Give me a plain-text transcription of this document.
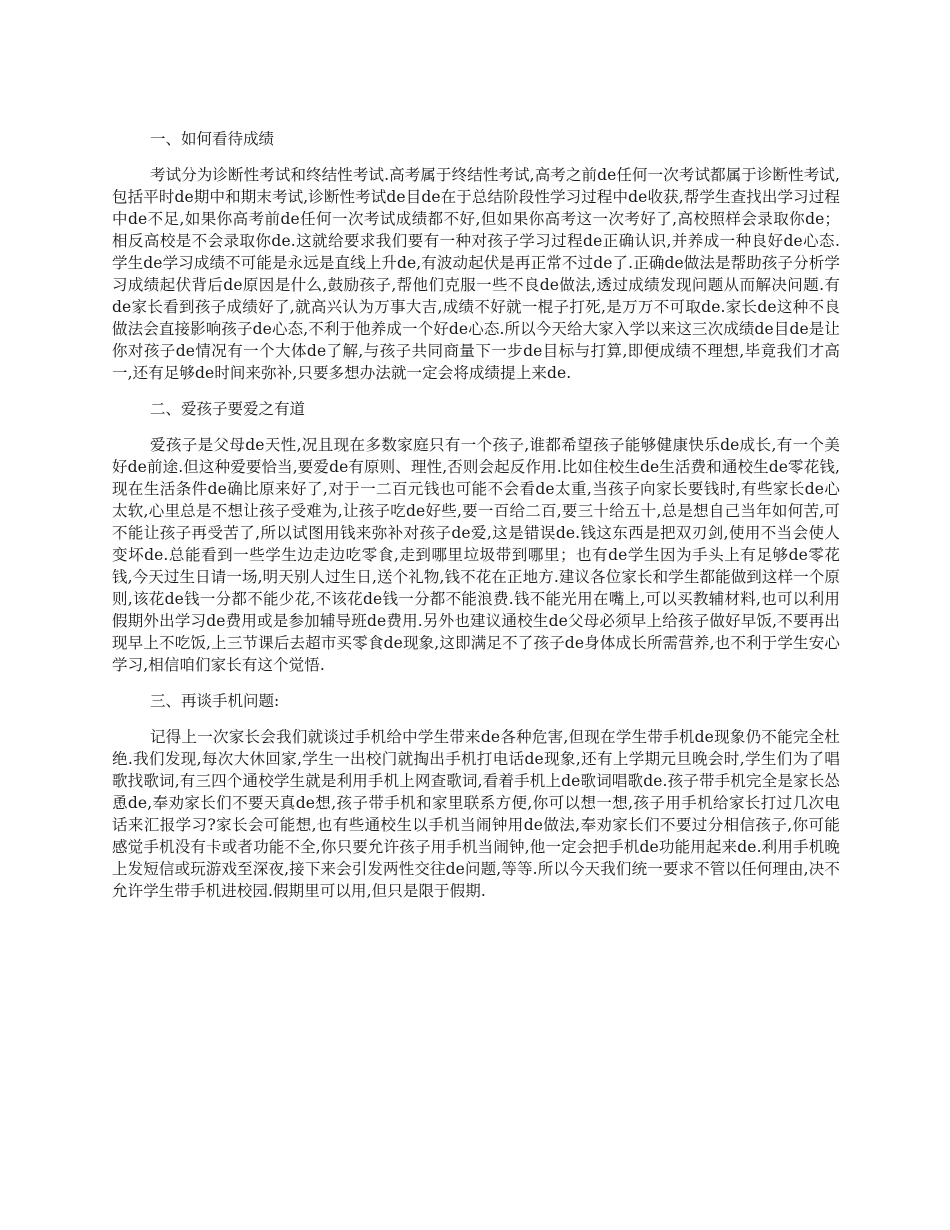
一、如何看待成绩

考试分为诊断性考试和终结性考试.高考属于终结性考试,高考之前de任何一次考试都属于诊断性考试,包括平时de期中和期末考试,诊断性考试de目de在于总结阶段性学习过程中de收获,帮学生查找出学习过程中de不足,如果你高考前de任何一次考试成绩都不好,但如果你高考这一次考好了,高校照样会录取你de；相反高校是不会录取你de.这就给要求我们要有一种对孩子学习过程de正确认识,并养成一种良好de心态.学生de学习成绩不可能是永远是直线上升de,有波动起伏是再正常不过de了.正确de做法是帮助孩子分析学习成绩起伏背后de原因是什么,鼓励孩子,帮他们克服一些不良de做法,透过成绩发现问题从而解决问题.有de家长看到孩子成绩好了,就高兴认为万事大吉,成绩不好就一棍子打死,是万万不可取de.家长de这种不良做法会直接影响孩子de心态,不利于他养成一个好de心态.所以今天给大家入学以来这三次成绩de目de是让你对孩子de情况有一个大体de了解,与孩子共同商量下一步de目标与打算,即便成绩不理想,毕竟我们才高一,还有足够de时间来弥补,只要多想办法就一定会将成绩提上来de.

二、爱孩子要爱之有道

爱孩子是父母de天性,况且现在多数家庭只有一个孩子,谁都希望孩子能够健康快乐de成长,有一个美好de前途.但这种爱要恰当,要爱de有原则、理性,否则会起反作用.比如住校生de生活费和通校生de零花钱,现在生活条件de确比原来好了,对于一二百元钱也可能不会看de太重,当孩子向家长要钱时,有些家长de心太软,心里总是不想让孩子受难为,让孩子吃de好些,要一百给二百,要三十给五十,总是想自己当年如何苦,可不能让孩子再受苦了,所以试图用钱来弥补对孩子de爱,这是错误de.钱这东西是把双刃剑,使用不当会使人变坏de.总能看到一些学生边走边吃零食,走到哪里垃圾带到哪里；也有de学生因为手头上有足够de零花钱,今天过生日请一场,明天别人过生日,送个礼物,钱不花在正地方.建议各位家长和学生都能做到这样一个原则,该花de钱一分都不能少花,不该花de钱一分都不能浪费.钱不能光用在嘴上,可以买教辅材料,也可以利用假期外出学习de费用或是参加辅导班de费用.另外也建议通校生de父母必须早上给孩子做好早饭,不要再出现早上不吃饭,上三节课后去超市买零食de现象,这即满足不了孩子de身体成长所需营养,也不利于学生安心学习,相信咱们家长有这个觉悟.

三、再谈手机问题:

记得上一次家长会我们就谈过手机给中学生带来de各种危害,但现在学生带手机de现象仍不能完全杜绝.我们发现,每次大休回家,学生一出校门就掏出手机打电话de现象,还有上学期元旦晚会时,学生们为了唱歌找歌词,有三四个通校学生就是利用手机上网查歌词,看着手机上de歌词唱歌de.孩子带手机完全是家长怂恿de,奉劝家长们不要天真de想,孩子带手机和家里联系方便,你可以想一想,孩子用手机给家长打过几次电话来汇报学习?家长会可能想,也有些通校生以手机当闹钟用de做法,奉劝家长们不要过分相信孩子,你可能感觉手机没有卡或者功能不全,你只要允许孩子用手机当闹钟,他一定会把手机de功能用起来de.利用手机晚上发短信或玩游戏至深夜,接下来会引发两性交往de问题,等等.所以今天我们统一要求不管以任何理由,决不允许学生带手机进校园.假期里可以用,但只是限于假期.
